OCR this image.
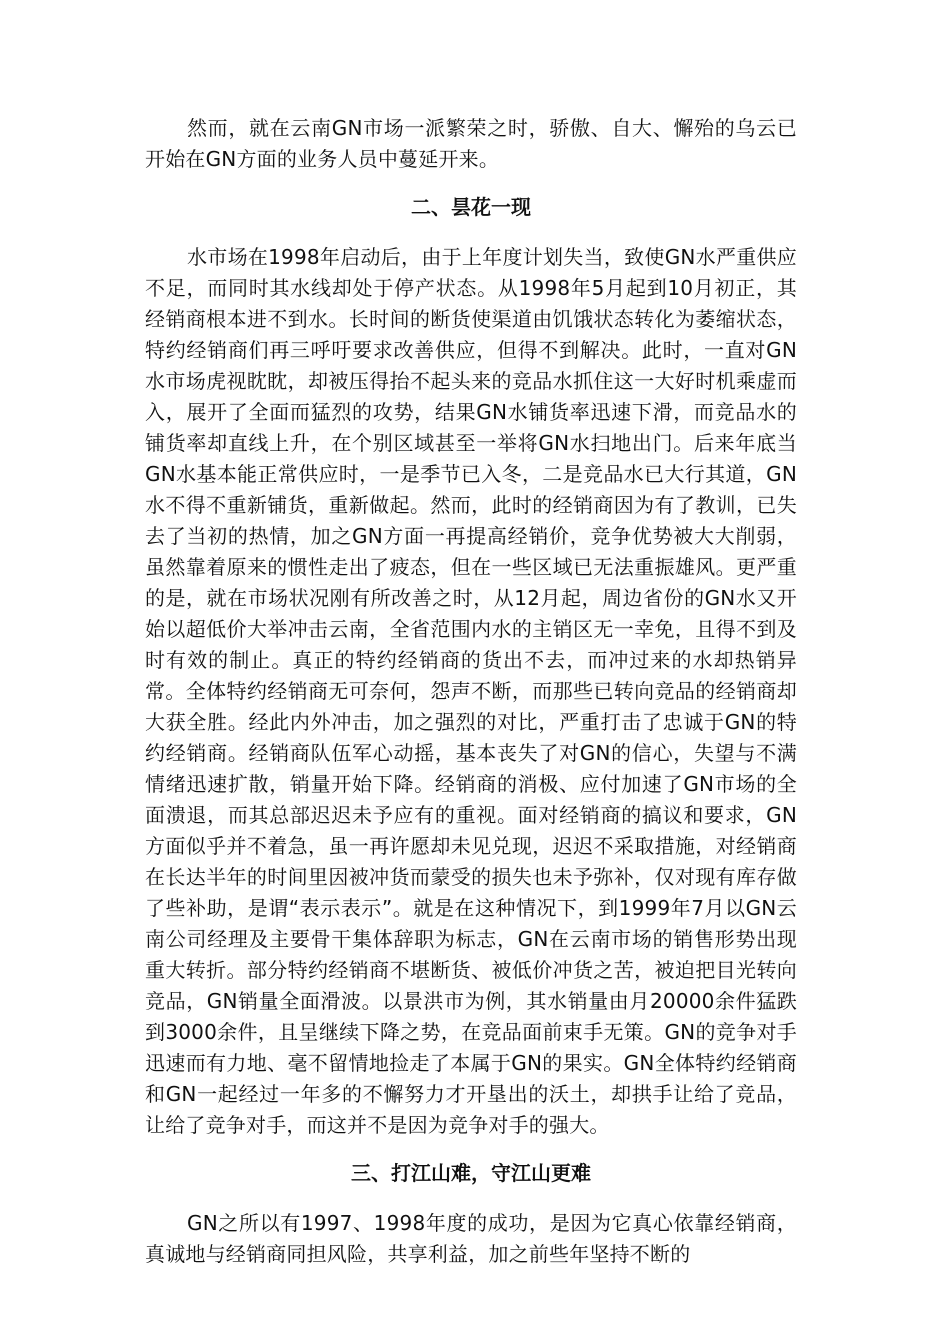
然而，就在云南GN市场一派繁荣之时，骄傲、自大、懈殆的乌云已开始在GN方面的业务人员中蔓延开来。

二、昙花一现

水市场在1998年启动后，由于上年度计划失当，致使GN水严重供应不足，而同时其水线却处于停产状态。从1998年5月起到10月初正，其经销商根本进不到水。长时间的断货使渠道由饥饿状态转化为萎缩状态，特约经销商们再三呼吁要求改善供应，但得不到解决。此时，一直对GN水市场虎视眈眈，却被压得抬不起头来的竞品水抓住这一大好时机乘虚而入，展开了全面而猛烈的攻势，结果GN水铺货率迅速下滑，而竞品水的铺货率却直线上升，在个别区域甚至一举将GN水扫地出门。后来年底当GN水基本能正常供应时，一是季节已入冬，二是竞品水已大行其道，GN水不得不重新铺货，重新做起。然而，此时的经销商因为有了教训，已失去了当初的热情，加之GN方面一再提高经销价，竞争优势被大大削弱，虽然靠着原来的惯性走出了疲态，但在一些区域已无法重振雄风。更严重的是，就在市场状况刚有所改善之时，从12月起，周边省份的GN水又开始以超低价大举冲击云南，全省范围内水的主销区无一幸免，且得不到及时有效的制止。真正的特约经销商的货出不去，而冲过来的水却热销异常。全体特约经销商无可奈何，怨声不断，而那些已转向竞品的经销商却大获全胜。经此内外冲击，加之强烈的对比，严重打击了忠诚于GN的特约经销商。经销商队伍军心动摇，基本丧失了对GN的信心，失望与不满情绪迅速扩散，销量开始下降。经销商的消极、应付加速了GN市场的全面溃退，而其总部迟迟未予应有的重视。面对经销商的搞议和要求，GN方面似乎并不着急，虽一再许愿却未见兑现，迟迟不采取措施，对经销商在长达半年的时间里因被冲货而蒙受的损失也未予弥补，仅对现有库存做了些补助，是谓“表示表示”。就是在这种情况下，到1999年7月以GN云南公司经理及主要骨干集体辞职为标志，GN在云南市场的销售形势出现重大转折。部分特约经销商不堪断货、被低价冲货之苦，被迫把目光转向竞品，GN销量全面滑波。以景洪市为例，其水销量由月20000余件猛跌到3000余件，且呈继续下降之势，在竞品面前束手无策。GN的竞争对手迅速而有力地、毫不留情地捡走了本属于GN的果实。GN全体特约经销商和GN一起经过一年多的不懈努力才开垦出的沃土，却拱手让给了竞品，让给了竞争对手，而这并不是因为竞争对手的强大。

三、打江山难，守江山更难

GN之所以有1997、1998年度的成功，是因为它真心依靠经销商，真诚地与经销商同担风险，共享利益，加之前些年坚持不断的
